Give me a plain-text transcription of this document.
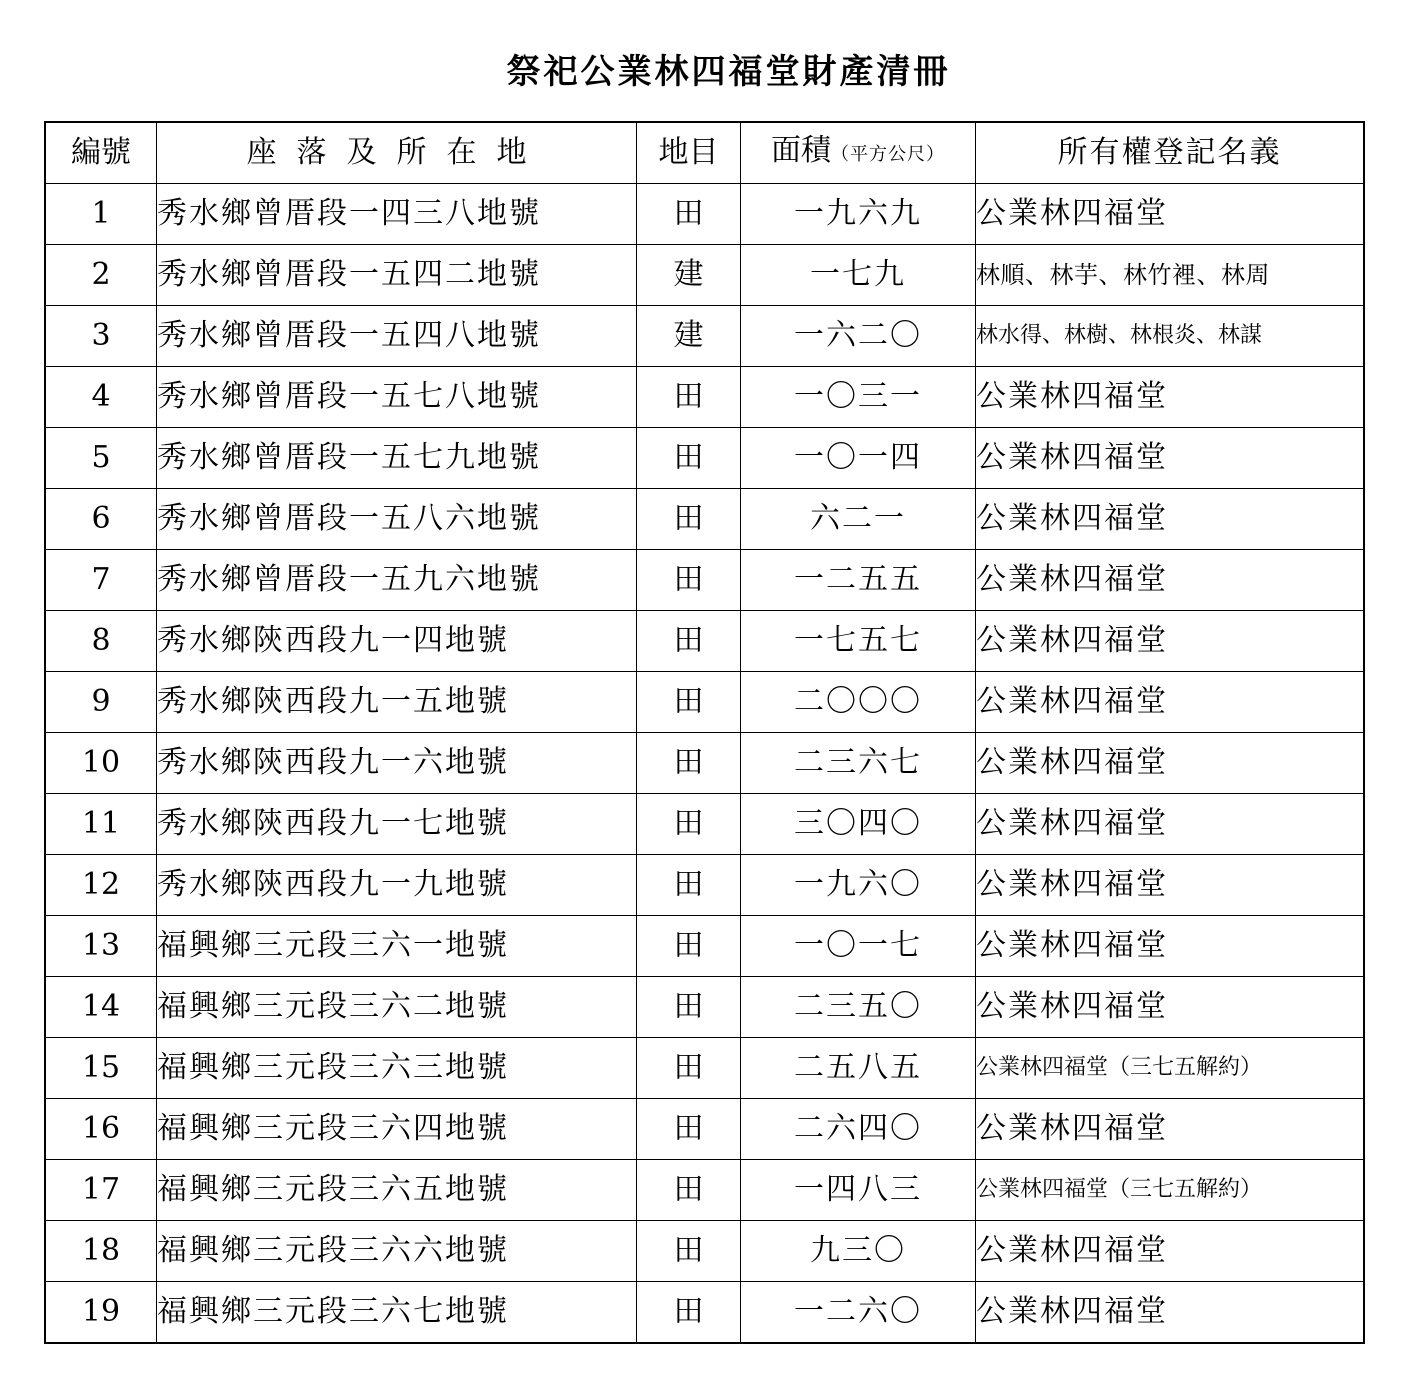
祭祀公業林四福堂財產清冊
編號	座落及所在地	地目	面積（平方公尺）	所有權登記名義
1	秀水鄉曾厝段一四三八地號	田	一九六九	公業林四福堂
2	秀水鄉曾厝段一五四二地號	建	一七九	林順、林芋、林竹裡、林周
3	秀水鄉曾厝段一五四八地號	建	一六二〇	林水得、林樹、林根炎、林謀
4	秀水鄉曾厝段一五七八地號	田	一〇三一	公業林四福堂
5	秀水鄉曾厝段一五七九地號	田	一〇一四	公業林四福堂
6	秀水鄉曾厝段一五八六地號	田	六二一	公業林四福堂
7	秀水鄉曾厝段一五九六地號	田	一二五五	公業林四福堂
8	秀水鄉陝西段九一四地號	田	一七五七	公業林四福堂
9	秀水鄉陝西段九一五地號	田	二〇〇〇	公業林四福堂
10	秀水鄉陝西段九一六地號	田	二三六七	公業林四福堂
11	秀水鄉陝西段九一七地號	田	三〇四〇	公業林四福堂
12	秀水鄉陝西段九一九地號	田	一九六〇	公業林四福堂
13	福興鄉三元段三六一地號	田	一〇一七	公業林四福堂
14	福興鄉三元段三六二地號	田	二三五〇	公業林四福堂
15	福興鄉三元段三六三地號	田	二五八五	公業林四福堂（三七五解約）
16	福興鄉三元段三六四地號	田	二六四〇	公業林四福堂
17	福興鄉三元段三六五地號	田	一四八三	公業林四福堂（三七五解約）
18	福興鄉三元段三六六地號	田	九三〇	公業林四福堂
19	福興鄉三元段三六七地號	田	一二六〇	公業林四福堂
